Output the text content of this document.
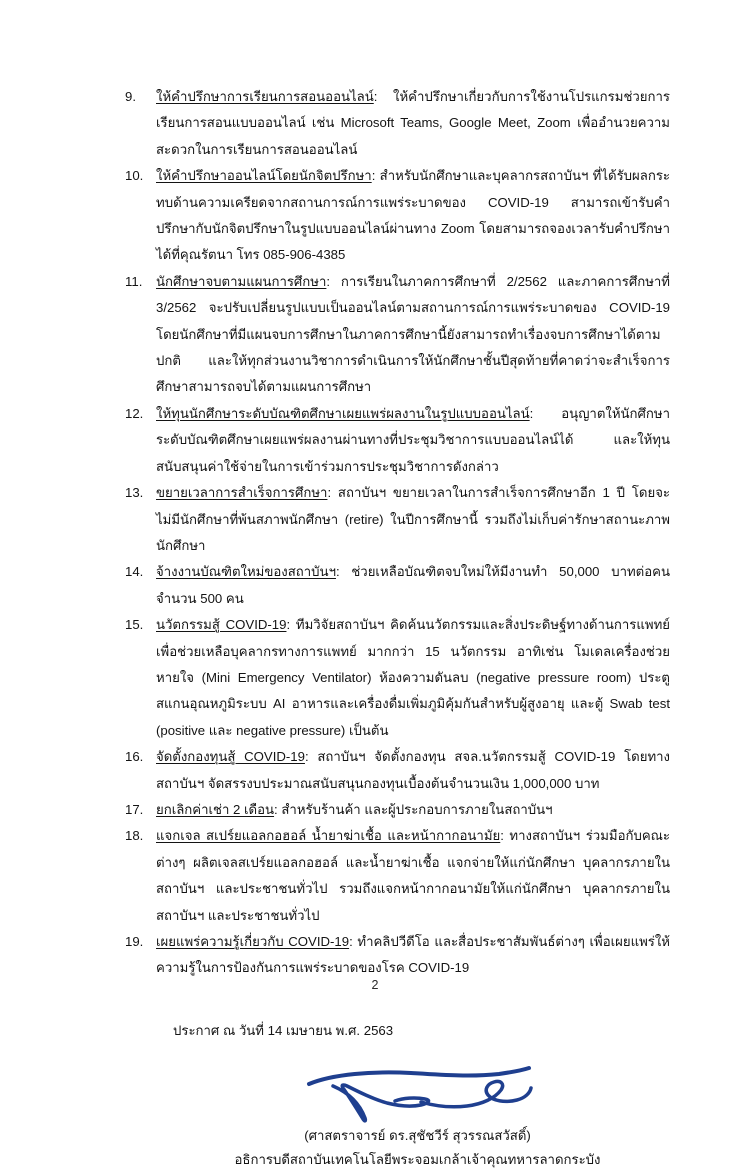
9.	ให้คำปรึกษาการเรียนการสอนออนไลน์: ให้คำปรึกษาเกี่ยวกับการใช้งานโปรแกรมช่วยการเรียนการสอนแบบออนไลน์ เช่น Microsoft Teams, Google Meet, Zoom เพื่ออำนวยความสะดวกในการเรียนการสอนออนไลน์

10. ให้คำปรึกษาออนไลน์โดยนักจิตปรึกษา: สำหรับนักศึกษาและบุคลากรสถาบันฯ ที่ได้รับผลกระทบด้านความเครียดจากสถานการณ์การแพร่ระบาดของ COVID-19 สามารถเข้ารับคำปรึกษากับนักจิตปรึกษาในรูปแบบออนไลน์ผ่านทาง Zoom โดยสามารถจองเวลารับคำปรึกษาได้ที่คุณรัตนา โทร 085-906-4385

11.	นักศึกษาจบตามแผนการศึกษา: การเรียนในภาคการศึกษาที่ 2/2562 และภาคการศึกษาที่ 3/2562 จะปรับเปลี่ยนรูปแบบเป็นออนไลน์ตามสถานการณ์การแพร่ระบาดของ COVID-19 โดยนักศึกษาที่มีแผนจบการศึกษาในภาคการศึกษานี้ยังสามารถทำเรื่องจบการศึกษาได้ตามปกติ และให้ทุกส่วนงานวิชาการดำเนินการให้นักศึกษาชั้นปีสุดท้ายที่คาดว่าจะสำเร็จการศึกษาสามารถจบได้ตามแผนการศึกษา

12. ให้ทุนนักศึกษาระดับบัณฑิตศึกษาเผยแพร่ผลงานในรูปแบบออนไลน์: อนุญาตให้นักศึกษาระดับบัณฑิตศึกษาเผยแพร่ผลงานผ่านทางที่ประชุมวิชาการแบบออนไลน์ได้ และให้ทุนสนับสนุนค่าใช้จ่ายในการเข้าร่วมการประชุมวิชาการดังกล่าว

13. ขยายเวลาการสำเร็จการศึกษา: สถาบันฯ ขยายเวลาในการสำเร็จการศึกษาอีก 1 ปี โดยจะไม่มีนักศึกษาที่พ้นสภาพนักศึกษา (retire) ในปีการศึกษานี้ รวมถึงไม่เก็บค่ารักษาสถานะภาพนักศึกษา

14. จ้างงานบัณฑิตใหม่ของสถาบันฯ: ช่วยเหลือบัณฑิตจบใหม่ให้มีงานทำ 50,000 บาทต่อคน จำนวน 500 คน

15. นวัตกรรมสู้ COVID-19: ทีมวิจัยสถาบันฯ คิดค้นนวัตกรรมและสิ่งประดิษฐ์ทางด้านการแพทย์ เพื่อช่วยเหลือบุคลากรทางการแพทย์ มากกว่า 15 นวัตกรรม อาทิเช่น โมเดลเครื่องช่วยหายใจ (Mini Emergency Ventilator) ห้องความดันลบ (negative pressure room) ประตูสแกนอุณหภูมิระบบ AI อาหารและเครื่องดื่มเพิ่มภูมิคุ้มกันสำหรับผู้สูงอายุ และตู้ Swab test (positive และ negative pressure) เป็นต้น

16. จัดตั้งกองทุนสู้ COVID-19: สถาบันฯ จัดตั้งกองทุน สจล.นวัตกรรมสู้ COVID-19 โดยทางสถาบันฯ จัดสรรงบประมาณสนับสนุนกองทุนเบื้องต้นจำนวนเงิน 1,000,000 บาท

17. ยกเลิกค่าเช่า 2 เดือน: สำหรับร้านค้า และผู้ประกอบการภายในสถาบันฯ

18. แจกเจล สเปร์ยแอลกอฮอล์ น้ำยาฆ่าเชื้อ และหน้ากากอนามัย: ทางสถาบันฯ ร่วมมือกับคณะต่างๆ ผลิตเจลสเปร์ยแอลกอฮอล์ และน้ำยาฆ่าเชื้อ แจกจ่ายให้แก่นักศึกษา บุคลากรภายในสถาบันฯ และประชาชนทั่วไป รวมถึงแจกหน้ากากอนามัยให้แก่นักศึกษา บุคลากรภายในสถาบันฯ และประชาชนทั่วไป

19. เผยแพร่ความรู้เกี่ยวกับ COVID-19: ทำคลิปวีดีโอ และสื่อประชาสัมพันธ์ต่างๆ เพื่อเผยแพร่ให้ความรู้ในการป้องกันการแพร่ระบาดของโรค COVID-19

ประกาศ ณ วันที่ 14 เมษายน พ.ศ. 2563
(ศาสตราจารย์ ดร.สุชัชวีร์ สุวรรณสวัสดิ์)
อธิการบดีสถาบันเทคโนโลยีพระจอมเกล้าเจ้าคุณทหารลาดกระบัง
2
